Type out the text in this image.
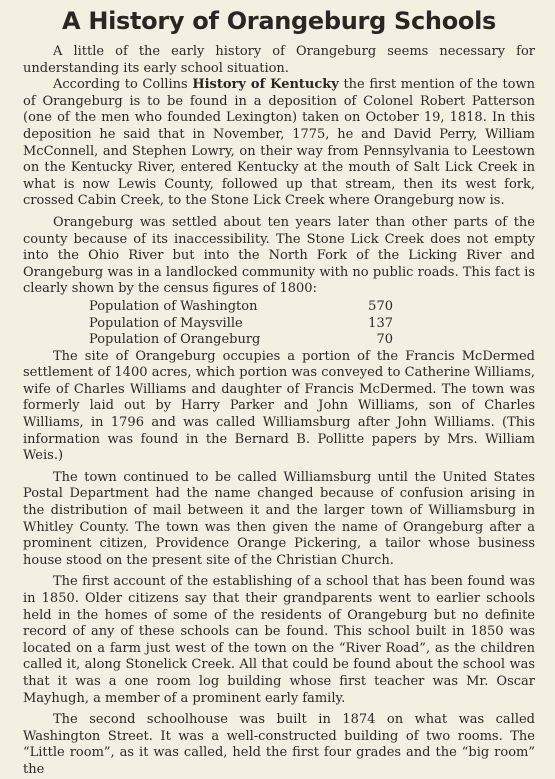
A History of Orangeburg Schools

A little of the early history of Orangeburg seems necessary for understanding its early school situation.

According to Collins History of Kentucky the first mention of the town of Orangeburg is to be found in a deposition of Colonel Robert Patterson (one of the men who founded Lexington) taken on October 19, 1818. In this deposition he said that in November, 1775, he and David Perry, William McConnell, and Stephen Lowry, on their way from Pennsylvania to Leestown on the Kentucky River, entered Kentucky at the mouth of Salt Lick Creek in what is now Lewis County, followed up that stream, then its west fork, crossed Cabin Creek, to the Stone Lick Creek where Orangeburg now is.

Orangeburg was settled about ten years later than other parts of the county because of its inaccessibility. The Stone Lick Creek does not empty into the Ohio River but into the North Fork of the Licking River and Orangeburg was in a landlocked community with no public roads. This fact is clearly shown by the census figures of 1800:

Population of Washington	570
Population of Maysville	137
Population of Orangeburg	70

The site of Orangeburg occupies a portion of the Francis McDermed settlement of 1400 acres, which portion was conveyed to Catherine Williams, wife of Charles Williams and daughter of Francis McDermed. The town was formerly laid out by Harry Parker and John Williams, son of Charles Williams, in 1796 and was called Williamsburg after John Williams. (This information was found in the Bernard B. Pollitte papers by Mrs. William Weis.)

The town continued to be called Williamsburg until the United States Postal Department had the name changed because of confusion arising in the distribution of mail between it and the larger town of Williamsburg in Whitley County. The town was then given the name of Orangeburg after a prominent citizen, Providence Orange Pickering, a tailor whose business house stood on the present site of the Christian Church.

The first account of the establishing of a school that has been found was in 1850. Older citizens say that their grandparents went to earlier schools held in the homes of some of the residents of Orangeburg but no definite record of any of these schools can be found. This school built in 1850 was located on a farm just west of the town on the “River Road”, as the children called it, along Stonelick Creek. All that could be found about the school was that it was a one room log building whose first teacher was Mr. Oscar Mayhugh, a member of a prominent early family.

The second schoolhouse was built in 1874 on what was called Washington Street. It was a well-constructed building of two rooms. The “Little room”, as it was called, held the first four grades and the “big room” the
